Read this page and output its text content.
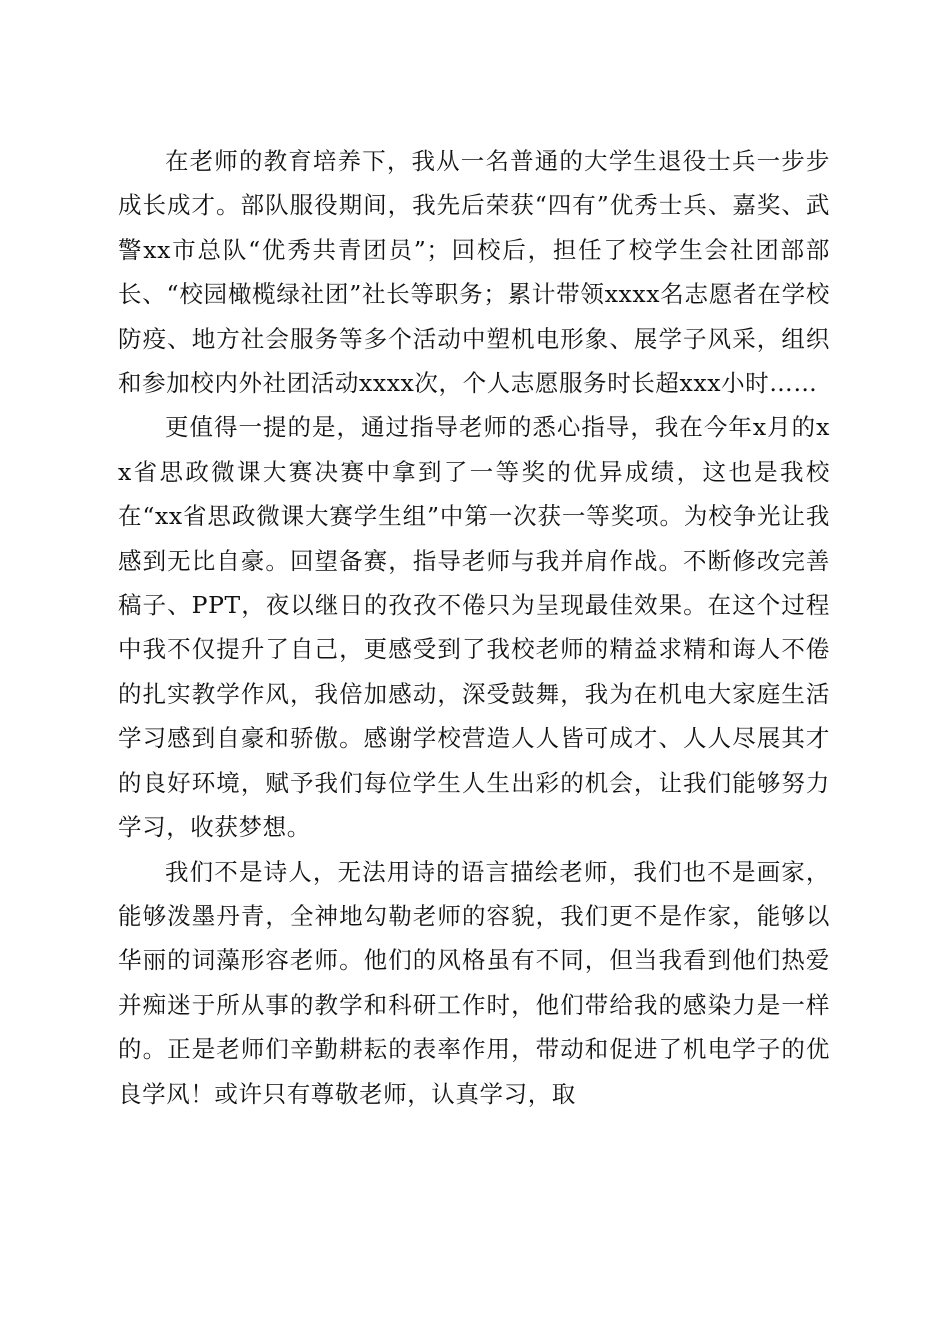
在老师的教育培养下，我从一名普通的大学生退役士兵一步步成长成才。部队服役期间，我先后荣获“四有”优秀士兵、嘉奖、武警xx市总队“优秀共青团员”；回校后，担任了校学生会社团部部长、“校园橄榄绿社团”社长等职务；累计带领xxxx名志愿者在学校防疫、地方社会服务等多个活动中塑机电形象、展学子风采，组织和参加校内外社团活动xxxx次，个人志愿服务时长超xxx小时……

更值得一提的是，通过指导老师的悉心指导，我在今年x月的xx省思政微课大赛决赛中拿到了一等奖的优异成绩，这也是我校在“xx省思政微课大赛学生组”中第一次获一等奖项。为校争光让我感到无比自豪。回望备赛，指导老师与我并肩作战。不断修改完善稿子、PPT，夜以继日的孜孜不倦只为呈现最佳效果。在这个过程中我不仅提升了自己，更感受到了我校老师的精益求精和诲人不倦的扎实教学作风，我倍加感动，深受鼓舞，我为在机电大家庭生活学习感到自豪和骄傲。感谢学校营造人人皆可成才、人人尽展其才的良好环境，赋予我们每位学生人生出彩的机会，让我们能够努力学习，收获梦想。

我们不是诗人，无法用诗的语言描绘老师，我们也不是画家，能够泼墨丹青，全神地勾勒老师的容貌，我们更不是作家，能够以华丽的词藻形容老师。他们的风格虽有不同，但当我看到他们热爱并痴迷于所从事的教学和科研工作时，他们带给我的感染力是一样的。正是老师们辛勤耕耘的表率作用，带动和促进了机电学子的优良学风！或许只有尊敬老师，认真学习，取
